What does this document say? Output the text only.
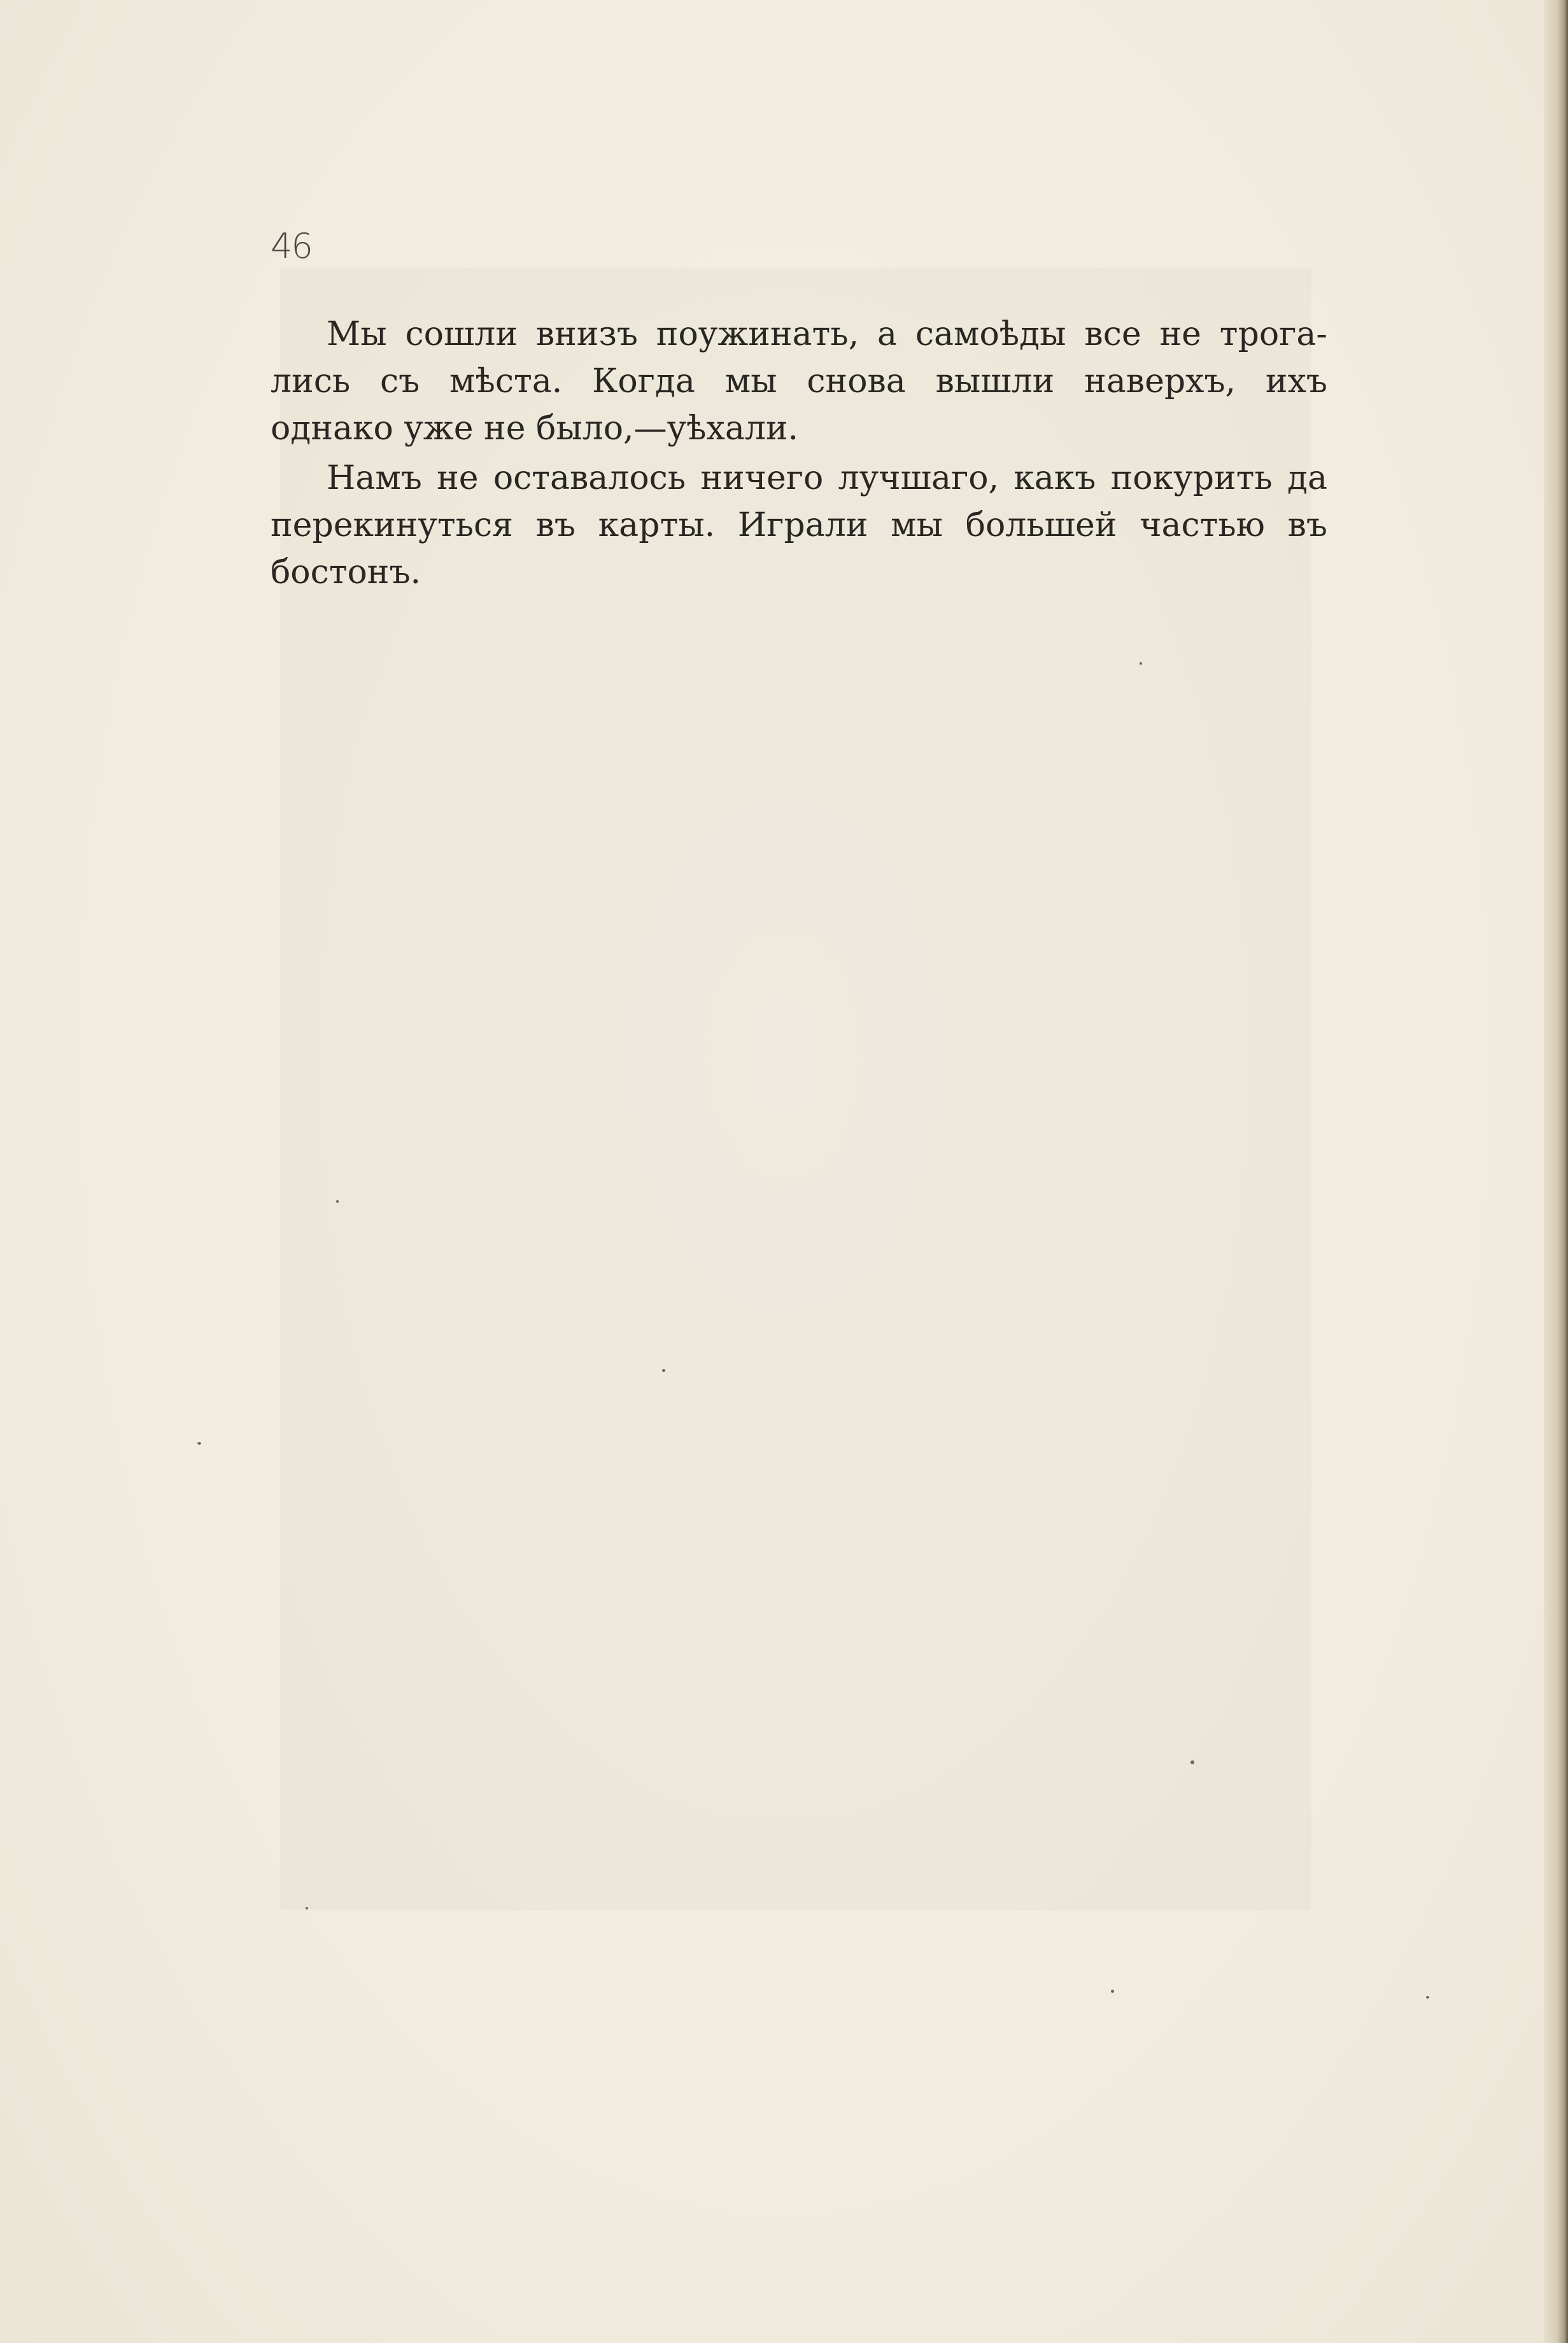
46

Мы сошли внизъ поужинать, а самоѣды все не трога-
лись съ мѣста. Когда мы снова вышли наверхъ, ихъ
однако уже не было,—уѣхали.

Намъ не оставалось ничего лучшаго, какъ покурить да
перекинуться въ карты. Играли мы большей частью въ
бостонъ.
